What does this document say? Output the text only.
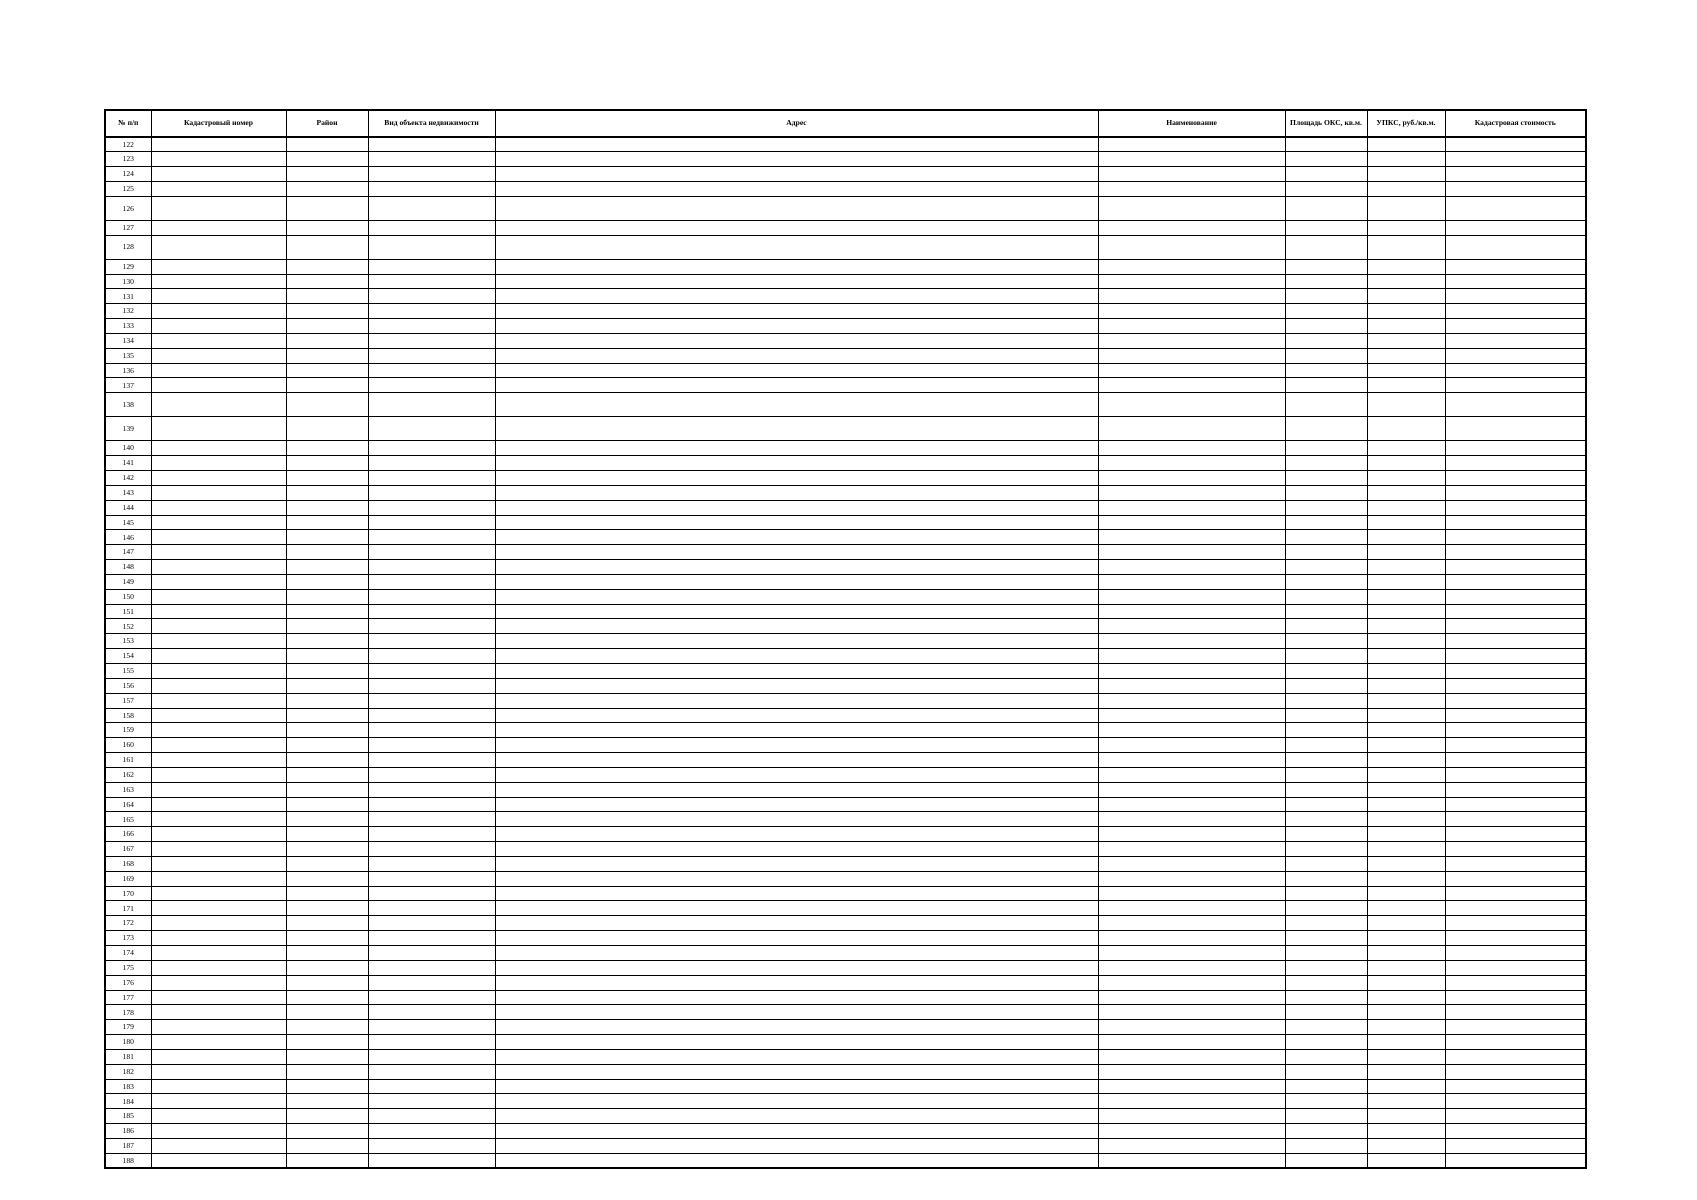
№ п/п	Кадастровый номер	Район	Вид объекта недвижимости	Адрес	Наименование	Площадь ОКС, кв.м.	УПКС, руб./кв.м.	Кадастровая стоимость
122								
123								
124								
125								
126								
127								
128								
129								
130								
131								
132								
133								
134								
135								
136								
137								
138								
139								
140								
141								
142								
143								
144								
145								
146								
147								
148								
149								
150								
151								
152								
153								
154								
155								
156								
157								
158								
159								
160								
161								
162								
163								
164								
165								
166								
167								
168								
169								
170								
171								
172								
173								
174								
175								
176								
177								
178								
179								
180								
181								
182								
183								
184								
185								
186								
187								
188								
